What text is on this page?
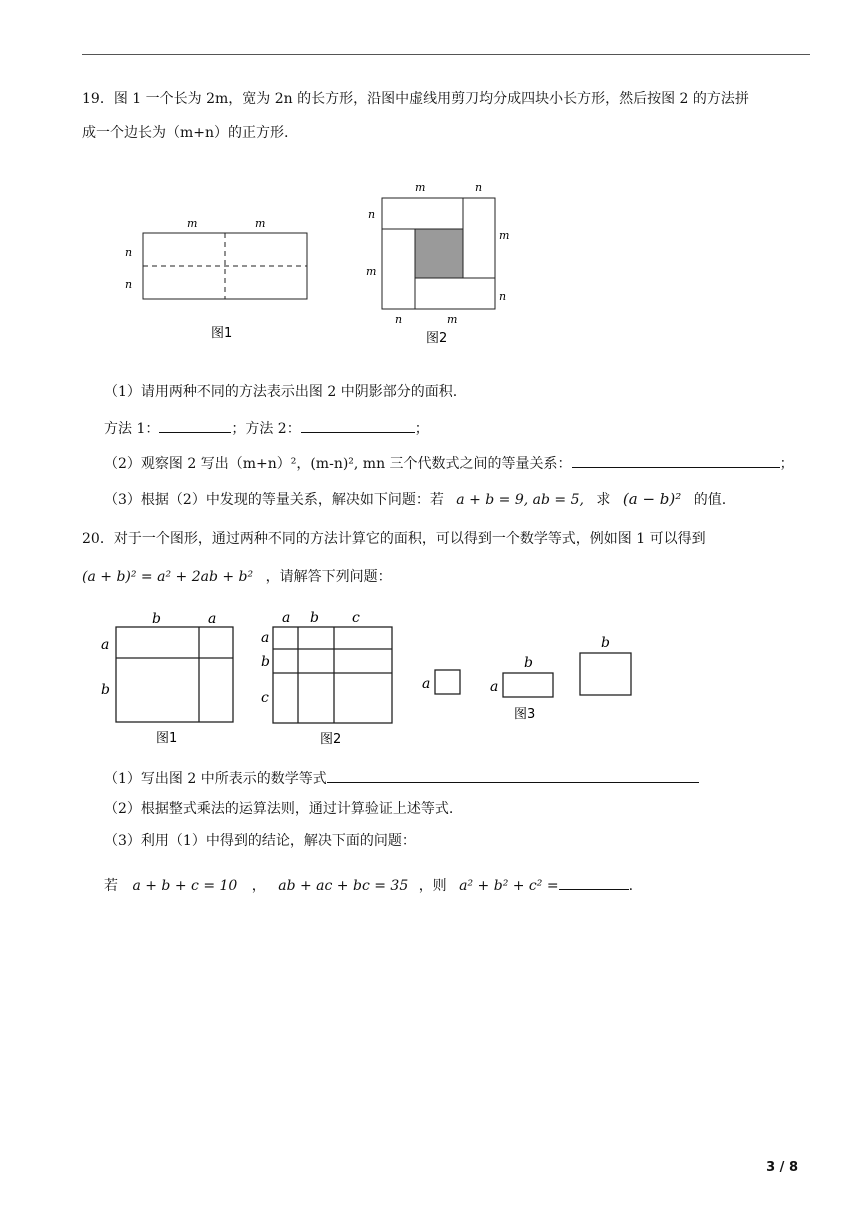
19．图 1 一个长为 2m，宽为 2n 的长方形，沿图中虚线用剪刀均分成四块小长方形，然后按图 2 的方法拼
成一个边长为（m+n）的正方形.
m	m
n
n
图1
m	n
n
m
m
n
n	m
图2
（1）请用两种不同的方法表示出图 2 中阴影部分的面积.
方法 1：	；方法 2：	；
（2）观察图 2 写出（m+n）²，(m-n)², mn 三个代数式之间的等量关系：	；
（3）根据（2）中发现的等量关系，解决如下问题：若 a + b = 9, ab = 5, 求 (a − b)² 的值.
20．对于一个图形，通过两种不同的方法计算它的面积，可以得到一个数学等式，例如图 1 可以得到
(a + b)² = a² + 2ab + b² ，请解答下列问题：
b	a
a
b
图1
a b c
a
b
c
图2
a
b
a
b
图3
（1）写出图 2 中所表示的数学等式
（2）根据整式乘法的运算法则，通过计算验证上述等式.
（3）利用（1）中得到的结论，解决下面的问题：
若 a + b + c = 10 ， ab + ac + bc = 35 ，则 a² + b² + c² =	.
3 / 8
